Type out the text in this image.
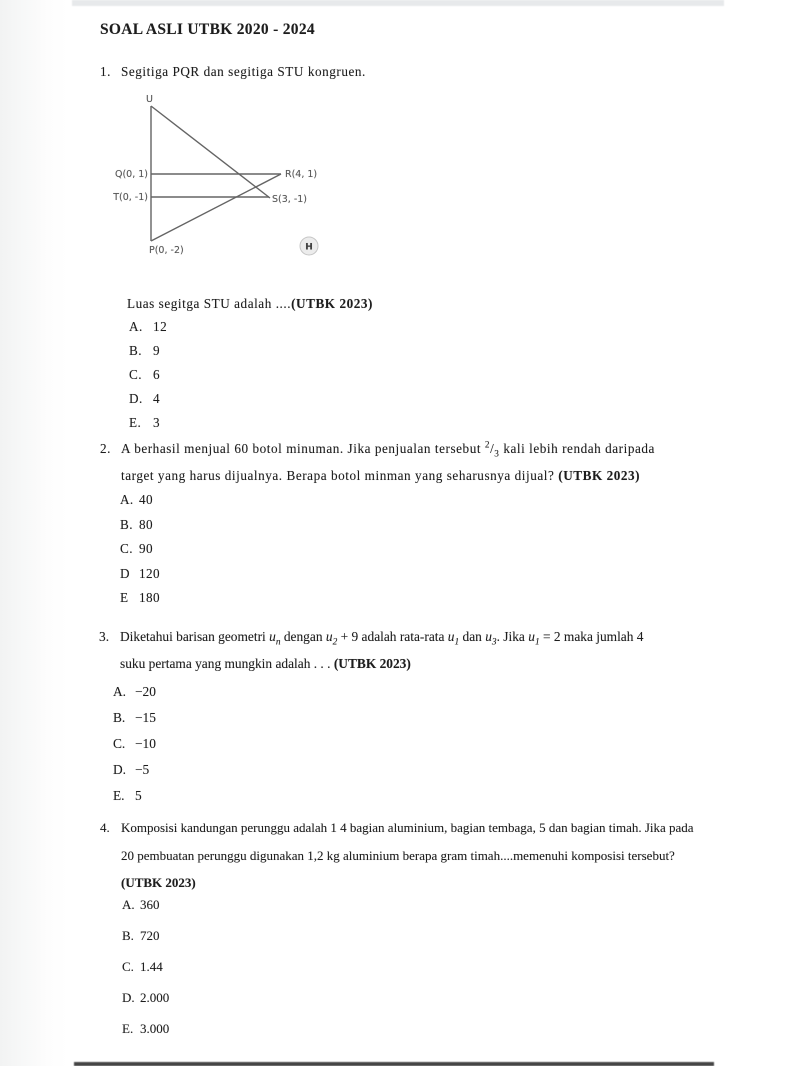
SOAL ASLI UTBK 2020 - 2024
1. Segitiga PQR dan segitiga STU kongruen.
U
Q(0, 1)	R(4, 1)
T(0, -1)	S(3, -1)
P(0, -2)	H
Luas segitga STU adalah ....(UTBK 2023)
A. 12
B. 9
C. 6
D. 4
E. 3
2. A berhasil menjual 60 botol minuman. Jika penjualan tersebut $^2/_3$ kali lebih rendah daripada
target yang harus dijualnya. Berapa botol minman yang seharusnya dijual? (UTBK 2023)
A. 40
B. 80
C. 90
D 120
E 180
3. Diketahui barisan geometri $u_n$ dengan $u_2 + 9$ adalah rata-rata $u_1$ dan $u_3$. Jika $u_1 = 2$ maka jumlah 4
suku pertama yang mungkin adalah . . . (UTBK 2023)
A. −20
B. −15
C. −10
D. −5
E. 5
4. Komposisi kandungan perunggu adalah 1 4 bagian aluminium, bagian tembaga, 5 dan bagian timah. Jika pada
20 pembuatan perunggu digunakan 1,2 kg aluminium berapa gram timah....memenuhi komposisi tersebut?
(UTBK 2023)
A. 360
B. 720
C. 1.44
D. 2.000
E. 3.000
